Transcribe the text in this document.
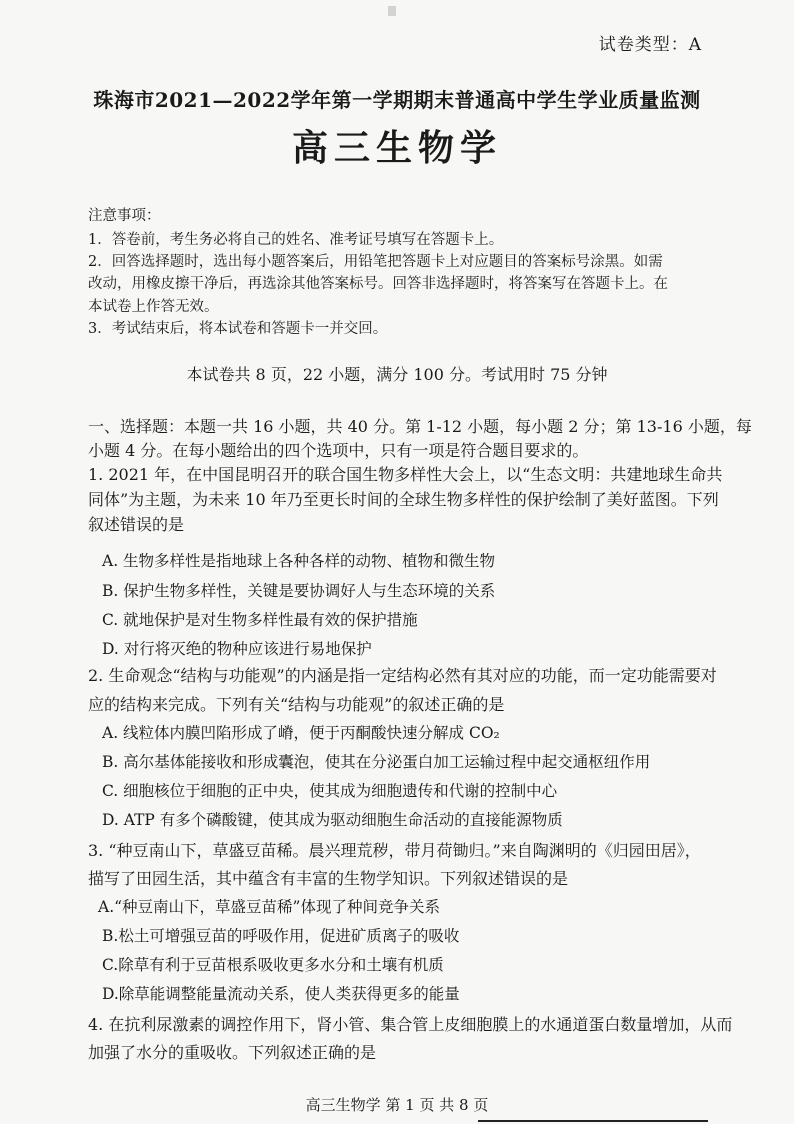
试卷类型：A
珠海市2021—2022学年第一学期期末普通高中学生学业质量监测
高三生物学
注意事项：
1．答卷前，考生务必将自己的姓名、准考证号填写在答题卡上。
2．回答选择题时，选出每小题答案后，用铅笔把答题卡上对应题目的答案标号涂黑。如需
改动，用橡皮擦干净后，再选涂其他答案标号。回答非选择题时，将答案写在答题卡上。在
本试卷上作答无效。
3．考试结束后，将本试卷和答题卡一并交回。
本试卷共 8 页，22 小题，满分 100 分。考试用时 75 分钟
一、选择题：本题一共 16 小题，共 40 分。第 1-12 小题，每小题 2 分；第 13-16 小题，每
小题 4 分。在每小题给出的四个选项中，只有一项是符合题目要求的。
1. 2021 年，在中国昆明召开的联合国生物多样性大会上，以“生态文明：共建地球生命共
同体”为主题，为未来 10 年乃至更长时间的全球生物多样性的保护绘制了美好蓝图。下列
叙述错误的是
A. 生物多样性是指地球上各种各样的动物、植物和微生物
B. 保护生物多样性，关键是要协调好人与生态环境的关系
C. 就地保护是对生物多样性最有效的保护措施
D. 对行将灭绝的物种应该进行易地保护
2. 生命观念“结构与功能观”的内涵是指一定结构必然有其对应的功能，而一定功能需要对
应的结构来完成。下列有关“结构与功能观”的叙述正确的是
A. 线粒体内膜凹陷形成了嵴，便于丙酮酸快速分解成 CO₂
B. 高尔基体能接收和形成囊泡，使其在分泌蛋白加工运输过程中起交通枢纽作用
C. 细胞核位于细胞的正中央，使其成为细胞遗传和代谢的控制中心
D. ATP 有多个磷酸键，使其成为驱动细胞生命活动的直接能源物质
3. “种豆南山下，草盛豆苗稀。晨兴理荒秽，带月荷锄归。”来自陶渊明的《归园田居》，
描写了田园生活，其中蕴含有丰富的生物学知识。下列叙述错误的是
A.“种豆南山下，草盛豆苗稀”体现了种间竞争关系
B.松土可增强豆苗的呼吸作用，促进矿质离子的吸收
C.除草有利于豆苗根系吸收更多水分和土壤有机质
D.除草能调整能量流动关系，使人类获得更多的能量
4. 在抗利尿激素的调控作用下，肾小管、集合管上皮细胞膜上的水通道蛋白数量增加，从而
加强了水分的重吸收。下列叙述正确的是
高三生物学 第 1 页 共 8 页
